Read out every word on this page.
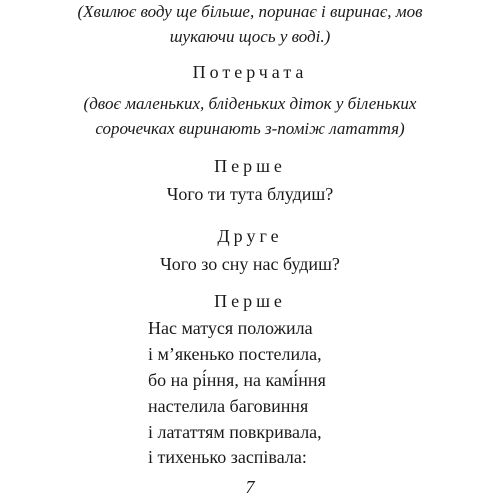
(Хвилює воду ще більше, поринає і виринає, мов
шукаючи щось у воді.)
Потерчата
(двоє маленьких, бліденьких діток у біленьких
сорочечках виринають з-поміж латаття)
Перше
Чого ти тута блудиш?
Друге
Чого зо сну нас будиш?
Перше
Нас матуся положила
і м’якенько постелила,
бо на рі́ння, на камі́ння
настелила баговиння
і лататтям повкривала,
і тихенько заспівала:
7
